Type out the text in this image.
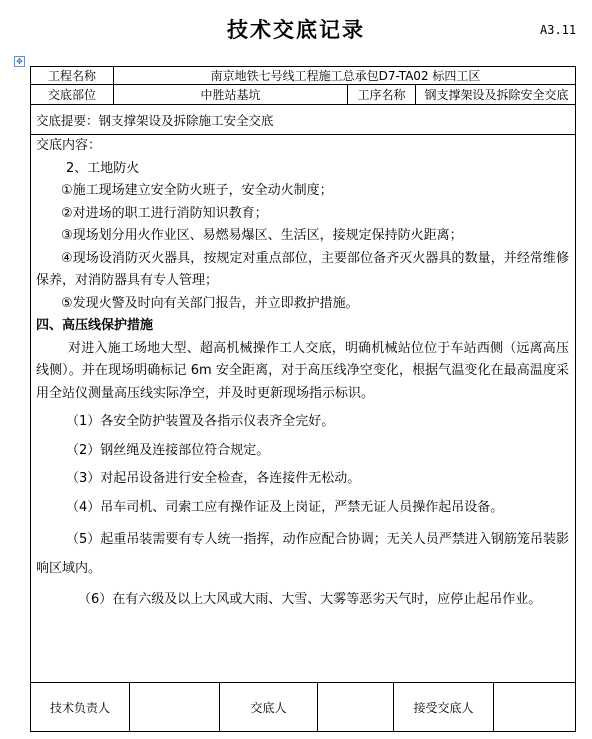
技术交底记录	A3.11
✥
工程名称	南京地铁七号线工程施工总承包D7-TA02 标四工区
交底部位	中胜站基坑	工序名称	钢支撑架设及拆除安全交底
交底提要：钢支撑架设及拆除施工安全交底

交底内容：

2、工地防火

①施工现场建立安全防火班子，安全动火制度；

②对进场的职工进行消防知识教育；

③现场划分用火作业区、易燃易爆区、生活区，接规定保持防火距离；

④现场设消防灭火器具，按规定对重点部位，主要部位备齐灭火器具的数量，并经常维修保养，对消防器具有专人管理；

⑤发现火警及时向有关部门报告，并立即救护措施。

四、高压线保护措施

对进入施工场地大型、超高机械操作工人交底，明确机械站位位于车站西侧（远离高压线侧）。并在现场明确标记 6m 安全距离，对于高压线净空变化，根据气温变化在最高温度采用全站仪测量高压线实际净空，并及时更新现场指示标识。

（1）各安全防护装置及各指示仪表齐全完好。

（2）钢丝绳及连接部位符合规定。

（3）对起吊设备进行安全检查，各连接件无松动。

（4）吊车司机、司索工应有操作证及上岗证，严禁无证人员操作起吊设备。

（5）起重吊装需要有专人统一指挥，动作应配合协调；无关人员严禁进入钢筋笼吊装影响区域内。

（6）在有六级及以上大风或大雨、大雪、大雾等恶劣天气时，应停止起吊作业。

技术负责人	交底人	接受交底人
